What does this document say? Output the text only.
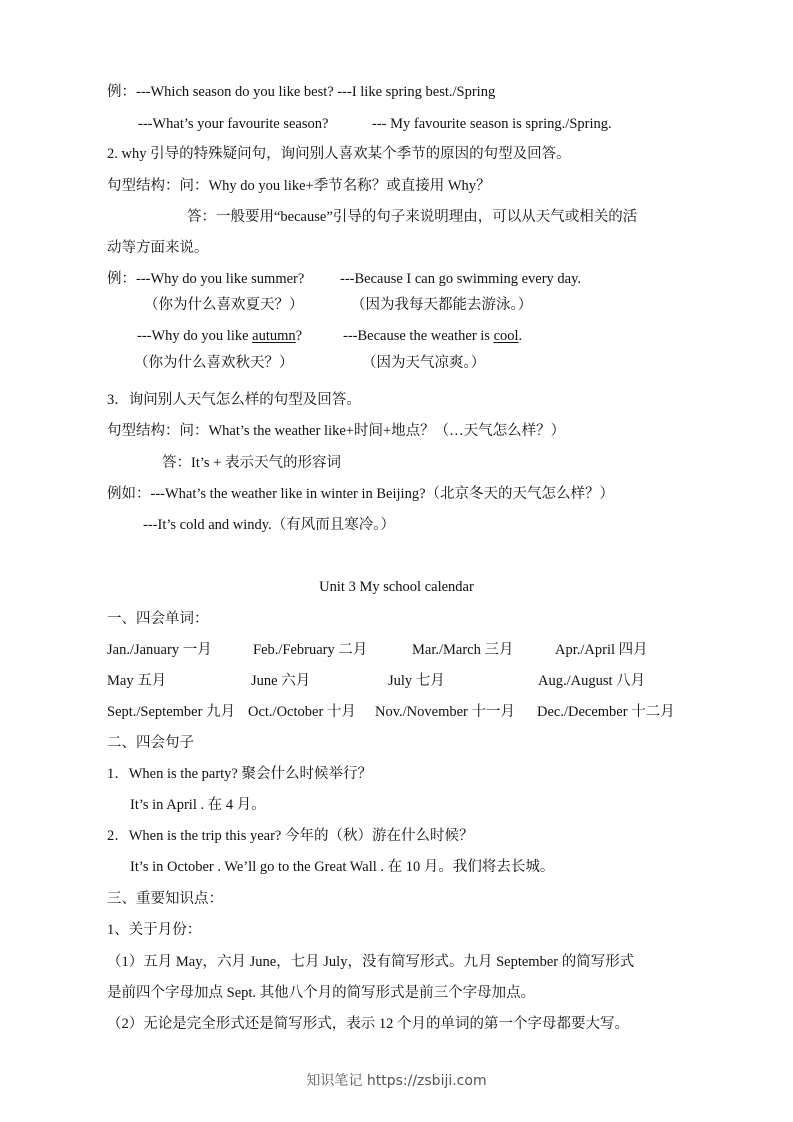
例：---Which season do you like best? ---I like spring best./Spring
---What’s your favourite season?	--- My favourite season is spring./Spring.
2. why 引导的特殊疑问句，询问别人喜欢某个季节的原因的句型及回答。
句型结构：问：Why do you like+季节名称？或直接用 Why？
答：一般要用“because”引导的句子来说明理由，可以从天气或相关的活
动等方面来说。
例：---Why do you like summer? ---Because I can go swimming every day.
（你为什么喜欢夏天？）	（因为我每天都能去游泳。）
---Why do you like autumn?	---Because the weather is cool.
（你为什么喜欢秋天？）	（因为天气凉爽。）
3．询问别人天气怎么样的句型及回答。
句型结构：问：What’s the weather like+时间+地点？（…天气怎么样？）
答：It’s + 表示天气的形容词
例如：---What’s the weather like in winter in Beijing?（北京冬天的天气怎么样？）
---It’s cold and windy.（有风而且寒冷。）
Unit 3 My school calendar
一、四会单词：
Jan./January 一月	Feb./February 二月	Mar./March 三月	Apr./April 四月
May 五月	June 六月	July 七月	Aug./August 八月
Sept./September 九月 Oct./October 十月 Nov./November 十一月 Dec./December 十二月
二、四会句子
1．When is the party? 聚会什么时候举行？
It’s in April . 在 4 月。
2．When is the trip this year? 今年的（秋）游在什么时候？
It’s in October . We’ll go to the Great Wall . 在 10 月。我们将去长城。
三、重要知识点：
1、关于月份：
（1）五月 May，六月 June，七月 July，没有简写形式。九月 September 的简写形式
是前四个字母加点 Sept. 其他八个月的简写形式是前三个字母加点。
（2）无论是完全形式还是简写形式，表示 12 个月的单词的第一个字母都要大写。
知识笔记 https://zsbiji.com
